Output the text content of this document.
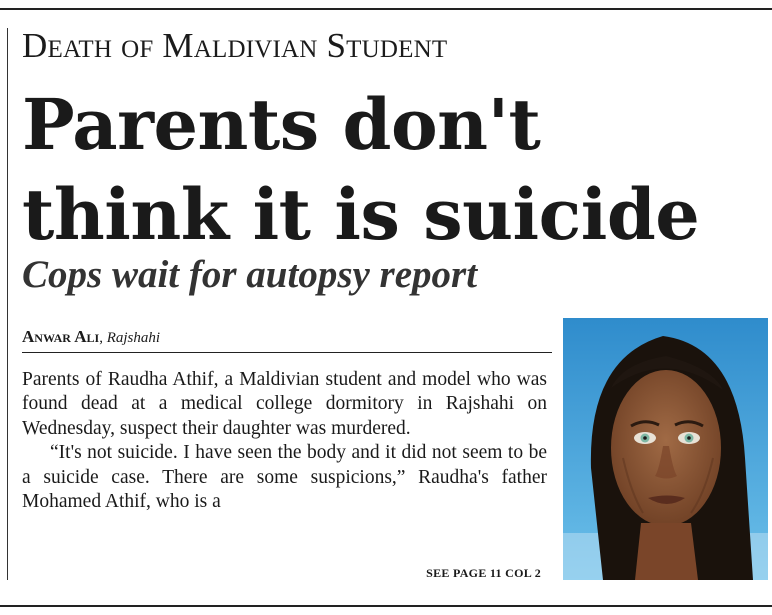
Death of Maldivian Student
Parents don't think it is suicide
Cops wait for autopsy report
Anwar Ali, Rajshahi

Parents of Raudha Athif, a Maldivian student and model who was found dead at a medical college dormitory in Rajshahi on Wednesday, suspect their daughter was murdered.

“It's not suicide. I have seen the body and it did not seem to be a suicide case. There are some suspicions,” Raudha's father Mohamed Athif, who is a

SEE PAGE 11 COL 2
